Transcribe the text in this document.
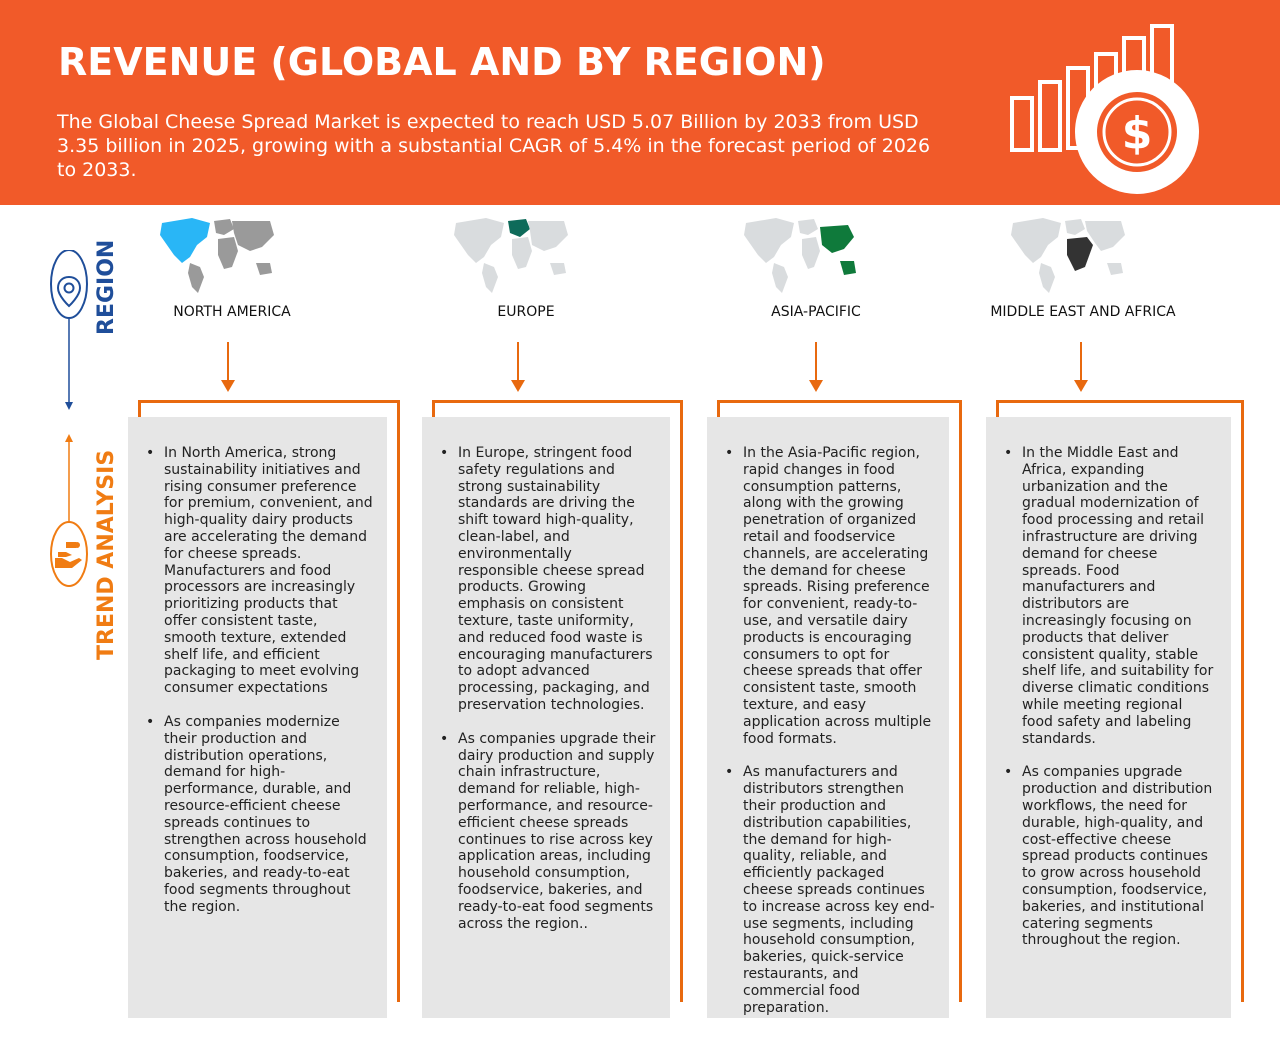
REVENUE (GLOBAL AND BY REGION)
The Global Cheese Spread Market is expected to reach USD 5.07 Billion by 2033 from USD 3.35 billion in 2025, growing with a substantial CAGR of 5.4% in the forecast period of 2026 to 2033.
$
REGION
TREND ANALYSIS
NORTH AMERICA	EUROPE	ASIA-PACIFIC	MIDDLE EAST AND AFRICA
• In North America, strong sustainability initiatives and rising consumer preference for premium, convenient, and high-quality dairy products are accelerating the demand for cheese spreads. Manufacturers and food processors are increasingly prioritizing products that offer consistent taste, smooth texture, extended shelf life, and efficient packaging to meet evolving consumer expectations
• As companies modernize their production and distribution operations, demand for high-performance, durable, and resource-efficient cheese spreads continues to strengthen across household consumption, foodservice, bakeries, and ready-to-eat food segments throughout the region.
• In Europe, stringent food safety regulations and strong sustainability standards are driving the shift toward high-quality, clean-label, and environmentally responsible cheese spread products. Growing emphasis on consistent texture, taste uniformity, and reduced food waste is encouraging manufacturers to adopt advanced processing, packaging, and preservation technologies.
• As companies upgrade their dairy production and supply chain infrastructure, demand for reliable, high-performance, and resource-efficient cheese spreads continues to rise across key application areas, including household consumption, foodservice, bakeries, and ready-to-eat food segments across the region..
• In the Asia-Pacific region, rapid changes in food consumption patterns, along with the growing penetration of organized retail and foodservice channels, are accelerating the demand for cheese spreads. Rising preference for convenient, ready-to-use, and versatile dairy products is encouraging consumers to opt for cheese spreads that offer consistent taste, smooth texture, and easy application across multiple food formats.
• As manufacturers and distributors strengthen their production and distribution capabilities, the demand for high-quality, reliable, and efficiently packaged cheese spreads continues to increase across key end-use segments, including household consumption, bakeries, quick-service restaurants, and commercial food preparation.
• In the Middle East and Africa, expanding urbanization and the gradual modernization of food processing and retail infrastructure are driving demand for cheese spreads. Food manufacturers and distributors are increasingly focusing on products that deliver consistent quality, stable shelf life, and suitability for diverse climatic conditions while meeting regional food safety and labeling standards.
• As companies upgrade production and distribution workflows, the need for durable, high-quality, and cost-effective cheese spread products continues to grow across household consumption, foodservice, bakeries, and institutional catering segments throughout the region.
